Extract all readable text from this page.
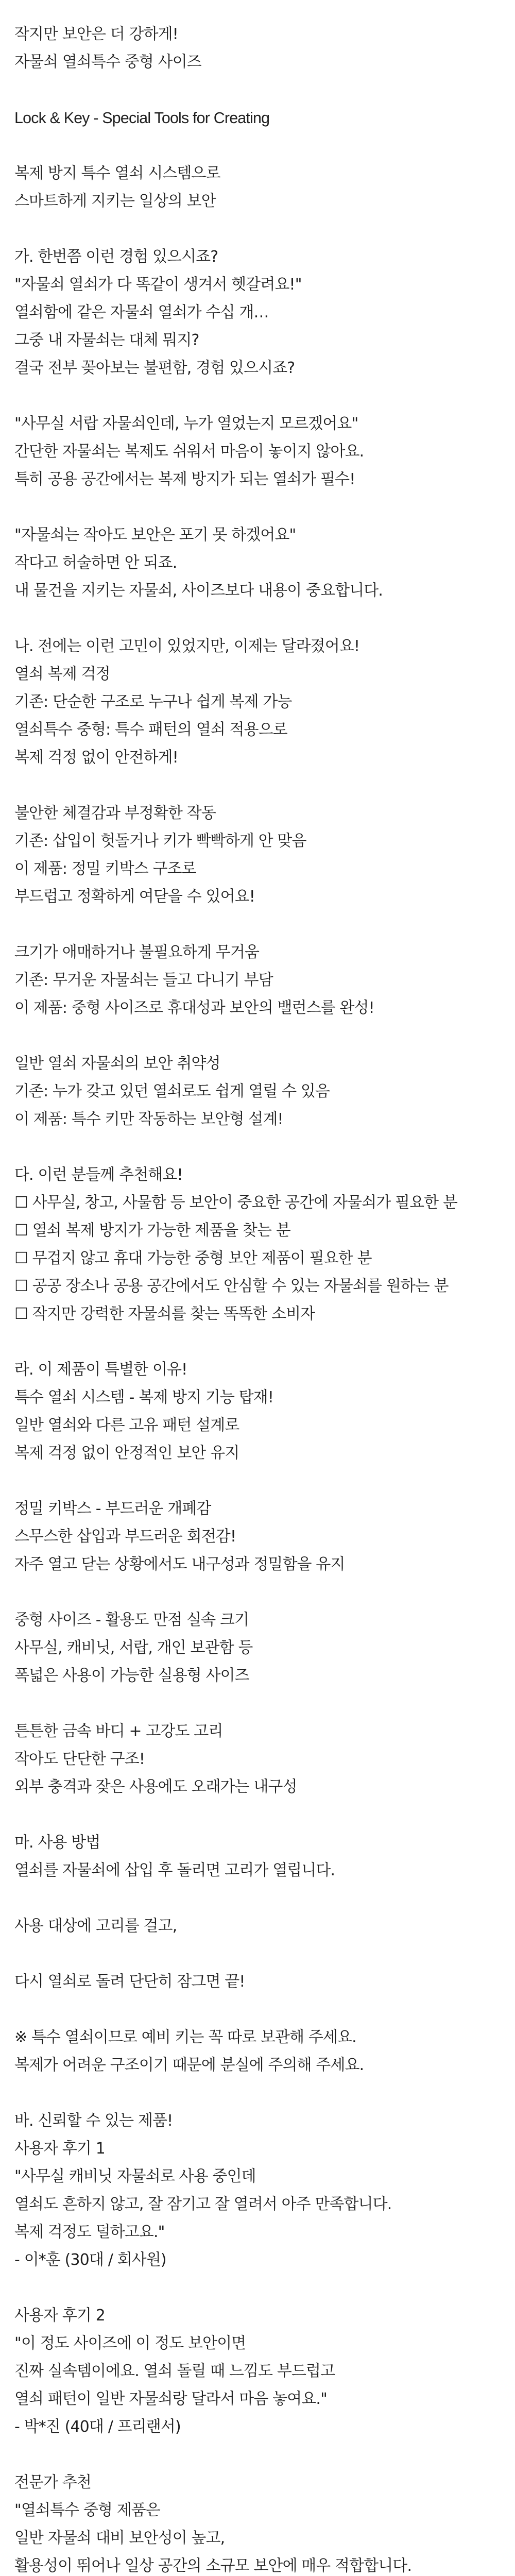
작지만 보안은 더 강하게!
자물쇠 열쇠특수 중형 사이즈
Lock & Key - Special Tools for Creating
복제 방지 특수 열쇠 시스템으로
스마트하게 지키는 일상의 보안
가. 한번쯤 이런 경험 있으시죠?
"자물쇠 열쇠가 다 똑같이 생겨서 헷갈려요!"
열쇠함에 같은 자물쇠 열쇠가 수십 개…
그중 내 자물쇠는 대체 뭐지?
결국 전부 꽂아보는 불편함, 경험 있으시죠?
"사무실 서랍 자물쇠인데, 누가 열었는지 모르겠어요"
간단한 자물쇠는 복제도 쉬워서 마음이 놓이지 않아요.
특히 공용 공간에서는 복제 방지가 되는 열쇠가 필수!
"자물쇠는 작아도 보안은 포기 못 하겠어요"
작다고 허술하면 안 되죠.
내 물건을 지키는 자물쇠, 사이즈보다 내용이 중요합니다.
나. 전에는 이런 고민이 있었지만, 이제는 달라졌어요!
열쇠 복제 걱정
기존: 단순한 구조로 누구나 쉽게 복제 가능
열쇠특수 중형: 특수 패턴의 열쇠 적용으로
복제 걱정 없이 안전하게!
불안한 체결감과 부정확한 작동
기존: 삽입이 헛돌거나 키가 빡빡하게 안 맞음
이 제품: 정밀 키박스 구조로
부드럽고 정확하게 여닫을 수 있어요!
크기가 애매하거나 불필요하게 무거움
기존: 무거운 자물쇠는 들고 다니기 부담
이 제품: 중형 사이즈로 휴대성과 보안의 밸런스를 완성!
일반 열쇠 자물쇠의 보안 취약성
기존: 누가 갖고 있던 열쇠로도 쉽게 열릴 수 있음
이 제품: 특수 키만 작동하는 보안형 설계!
다. 이런 분들께 추천해요!
☐ 사무실, 창고, 사물함 등 보안이 중요한 공간에 자물쇠가 필요한 분
☐ 열쇠 복제 방지가 가능한 제품을 찾는 분
☐ 무겁지 않고 휴대 가능한 중형 보안 제품이 필요한 분
☐ 공공 장소나 공용 공간에서도 안심할 수 있는 자물쇠를 원하는 분
☐ 작지만 강력한 자물쇠를 찾는 똑똑한 소비자
라. 이 제품이 특별한 이유!
특수 열쇠 시스템 - 복제 방지 기능 탑재!
일반 열쇠와 다른 고유 패턴 설계로
복제 걱정 없이 안정적인 보안 유지
정밀 키박스 - 부드러운 개폐감
스무스한 삽입과 부드러운 회전감!
자주 열고 닫는 상황에서도 내구성과 정밀함을 유지
중형 사이즈 - 활용도 만점 실속 크기
사무실, 캐비닛, 서랍, 개인 보관함 등
폭넓은 사용이 가능한 실용형 사이즈
튼튼한 금속 바디 + 고강도 고리
작아도 단단한 구조!
외부 충격과 잦은 사용에도 오래가는 내구성
마. 사용 방법
열쇠를 자물쇠에 삽입 후 돌리면 고리가 열립니다.
사용 대상에 고리를 걸고,
다시 열쇠로 돌려 단단히 잠그면 끝!
※ 특수 열쇠이므로 예비 키는 꼭 따로 보관해 주세요.
복제가 어려운 구조이기 때문에 분실에 주의해 주세요.
바. 신뢰할 수 있는 제품!
사용자 후기 1
"사무실 캐비닛 자물쇠로 사용 중인데
열쇠도 흔하지 않고, 잘 잠기고 잘 열려서 아주 만족합니다.
복제 걱정도 덜하고요."
- 이*훈 (30대 / 회사원)
사용자 후기 2
"이 정도 사이즈에 이 정도 보안이면
진짜 실속템이에요. 열쇠 돌릴 때 느낌도 부드럽고
열쇠 패턴이 일반 자물쇠랑 달라서 마음 놓여요."
- 박*진 (40대 / 프리랜서)
전문가 추천
"열쇠특수 중형 제품은
일반 자물쇠 대비 보안성이 높고,
활용성이 뛰어나 일상 공간의 소규모 보안에 매우 적합합니다.
